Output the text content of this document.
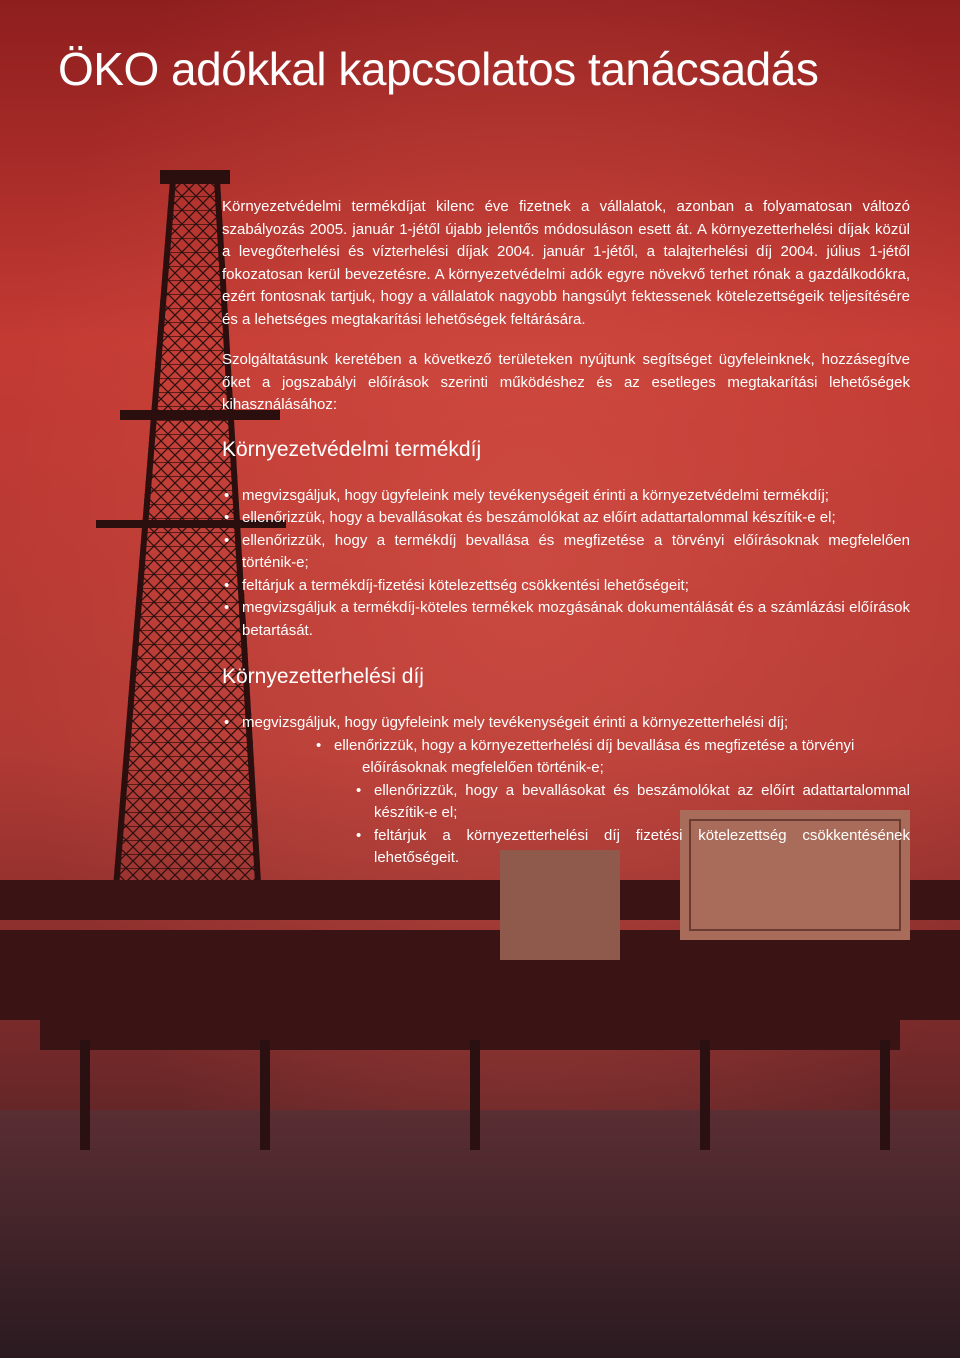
ÖKO adókkal kapcsolatos tanácsadás

Környezetvédelmi termékdíjat kilenc éve fizetnek a vállalatok, azonban a folyamatosan változó szabályozás 2005. január 1-jétől újabb jelentős módosuláson esett át. A környezetterhelési díjak közül a levegőterhelési és vízterhelési díjak 2004. január 1-jétől, a talajterhelési díj 2004. július 1-jétől fokozatosan kerül bevezetésre. A környezetvédelmi adók egyre növekvő terhet rónak a gazdálkodókra, ezért fontosnak tartjuk, hogy a vállalatok nagyobb hangsúlyt fektessenek kötelezettségeik teljesítésére és a lehetséges megtakarítási lehetőségek feltárására.

Szolgáltatásunk keretében a következő területeken nyújtunk segítséget ügyfeleinknek, hozzásegítve őket a jogszabályi előírások szerinti működéshez és az esetleges megtakarítási lehetőségek kihasználásához:

Környezetvédelmi termékdíj
• megvizsgáljuk, hogy ügyfeleink mely tevékenységeit érinti a környezetvédelmi termékdíj;
• ellenőrizzük, hogy a bevallásokat és beszámolókat az előírt adattartalommal készítik-e el;
• ellenőrizzük, hogy a termékdíj bevallása és megfizetése a törvényi előírásoknak megfelelően történik-e;
• feltárjuk a termékdíj-fizetési kötelezettség csökkentési lehetőségeit;
• megvizsgáljuk a termékdíj-köteles termékek mozgásának dokumentálását és a számlázási előírások betartását.
Környezetterhelési díj
• megvizsgáljuk, hogy ügyfeleink mely tevékenységeit érinti a környezetterhelési díj;
• ellenőrizzük, hogy a környezetterhelési díj bevallása és megfizetése a törvényi
előírásoknak megfelelően történik-e;
• ellenőrizzük, hogy a bevallásokat és beszámolókat az előírt adattartalommal készítik-e el;
• feltárjuk a környezetterhelési díj fizetési kötelezettség csökkentésének lehetőségeit.
